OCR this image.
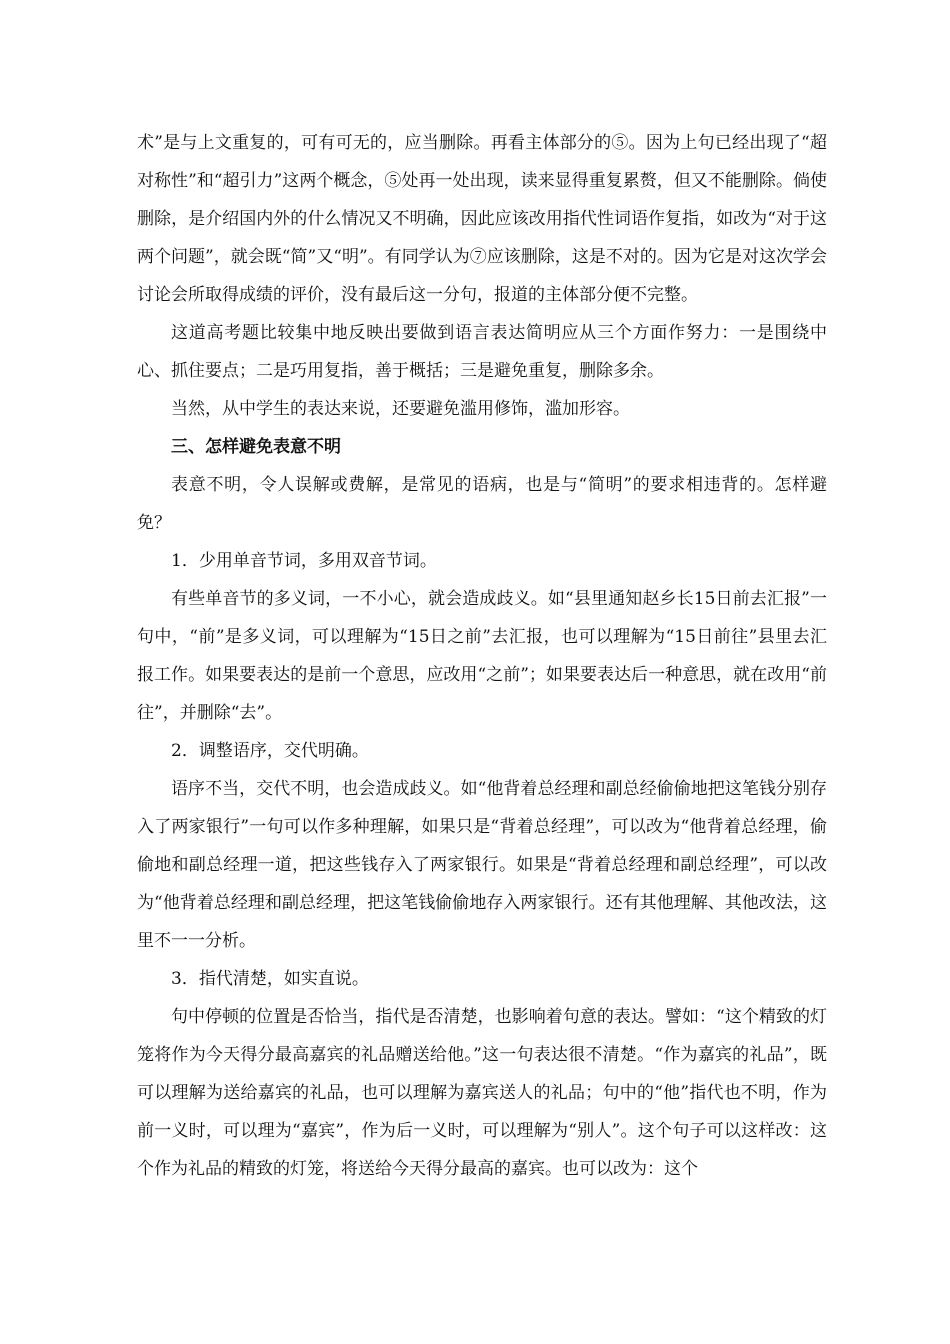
术”是与上文重复的，可有可无的，应当删除。再看主体部分的⑤。因为上句已经出现了“超对称性”和“超引力”这两个概念，⑤处再一处出现，读来显得重复累赘，但又不能删除。倘使删除，是介绍国内外的什么情况又不明确，因此应该改用指代性词语作复指，如改为“对于这两个问题”，就会既“简”又“明”。有同学认为⑦应该删除，这是不对的。因为它是对这次学会讨论会所取得成绩的评价，没有最后这一分句，报道的主体部分便不完整。

这道高考题比较集中地反映出要做到语言表达简明应从三个方面作努力：一是围绕中心、抓住要点；二是巧用复指，善于概括；三是避免重复，删除多余。

当然，从中学生的表达来说，还要避免滥用修饰，滥加形容。

三、怎样避免表意不明

表意不明，令人误解或费解，是常见的语病，也是与“简明”的要求相违背的。怎样避免？

1．少用单音节词，多用双音节词。

有些单音节的多义词，一不小心，就会造成歧义。如“县里通知赵乡长15日前去汇报”一句中，“前”是多义词，可以理解为“15日之前”去汇报，也可以理解为“15日前往”县里去汇报工作。如果要表达的是前一个意思，应改用“之前”；如果要表达后一种意思，就在改用“前往”，并删除“去”。

2．调整语序，交代明确。

语序不当，交代不明，也会造成歧义。如“他背着总经理和副总经偷偷地把这笔钱分别存入了两家银行”一句可以作多种理解，如果只是“背着总经理”，可以改为“他背着总经理，偷偷地和副总经理一道，把这些钱存入了两家银行。如果是“背着总经理和副总经理”，可以改为“他背着总经理和副总经理，把这笔钱偷偷地存入两家银行。还有其他理解、其他改法，这里不一一分析。

3．指代清楚，如实直说。

句中停顿的位置是否恰当，指代是否清楚，也影响着句意的表达。譬如：“这个精致的灯笼将作为今天得分最高嘉宾的礼品赠送给他。”这一句表达很不清楚。“作为嘉宾的礼品”，既可以理解为送给嘉宾的礼品，也可以理解为嘉宾送人的礼品；句中的“他”指代也不明，作为前一义时，可以理为“嘉宾”，作为后一义时，可以理解为“别人”。这个句子可以这样改：这个作为礼品的精致的灯笼，将送给今天得分最高的嘉宾。也可以改为：这个
